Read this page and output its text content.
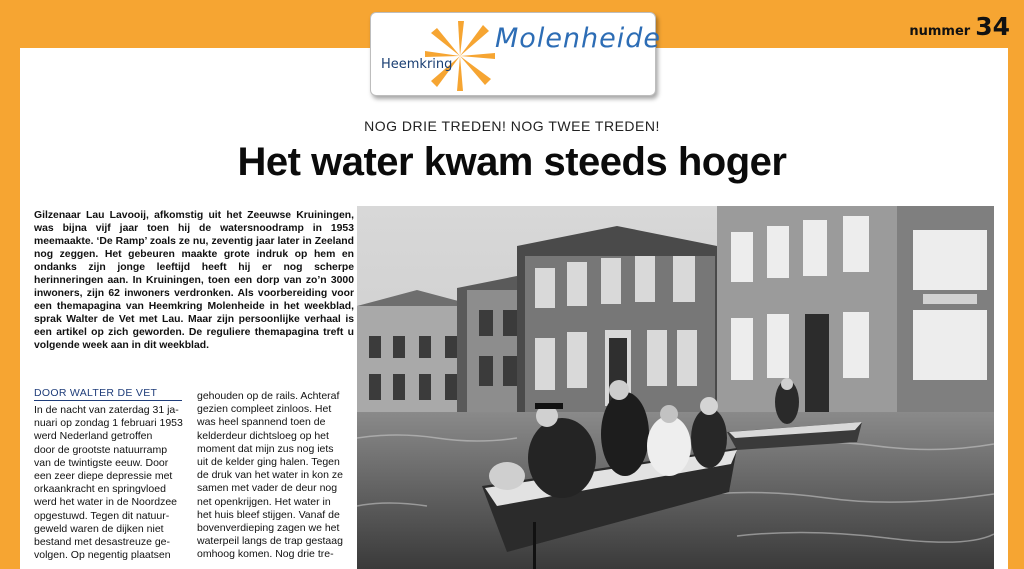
nummer 34
Molenheide
Heemkring
NOG DRIE TREDEN! NOG TWEE TREDEN!
Het water kwam steeds hoger

Gilzenaar Lau Lavooij, afkomstig uit het Zeeuwse Kruiningen, was bijna vijf jaar toen hij de watersnoodramp in 1953 meemaakte. ‘De Ramp’ zoals ze nu, zeventig jaar later in Zeeland nog zeggen. Het gebeuren maakte grote indruk op hem en ondanks zijn jonge leeftijd heeft hij er nog scherpe herinneringen aan. In Kruiningen, toen een dorp van zo’n 3000 inwoners, zijn 62 inwoners verdronken. Als voorbereiding voor een themapagina van Heemkring Molenheide in het weekblad, sprak Walter de Vet met Lau. Maar zijn persoonlijke verhaal is een artikel op zich geworden. De reguliere themapagina treft u volgende week aan in dit weekblad.

DOOR WALTER DE VET
In de nacht van zaterdag 31 ja-
nuari op zondag 1 februari 1953
werd Nederland getroffen
door de grootste natuurramp
van de twintigste eeuw. Door
een zeer diepe depressie met
orkaankracht en springvloed
werd het water in de Noordzee
opgestuwd. Tegen dit natuur-
geweld waren de dijken niet
bestand met desastreuze ge-
volgen. Op negentig plaatsen
gehouden op de rails. Achteraf
gezien compleet zinloos. Het
was heel spannend toen de
kelderdeur dichtsloeg op het
moment dat mijn zus nog iets
uit de kelder ging halen. Tegen
de druk van het water in kon ze
samen met vader de deur nog
net openkrijgen. Het water in
het huis bleef stijgen. Vanaf de
bovenverdieping zagen we het
waterpeil langs de trap gestaag
omhoog komen. Nog drie tre-
